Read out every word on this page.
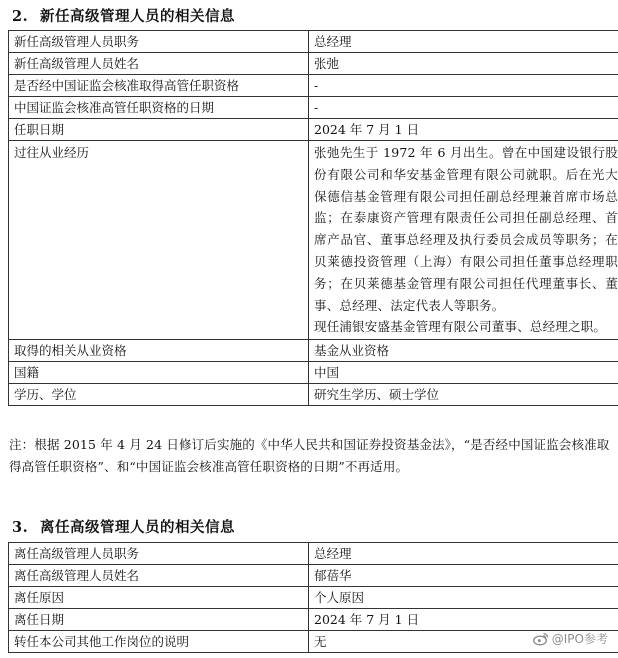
2. 新任高级管理人员的相关信息
新任高级管理人员职务	总经理
新任高级管理人员姓名	张弛
是否经中国证监会核准取得高管任职资格	-
中国证监会核准高管任职资格的日期	-
任职日期	2024 年 7 月 1 日
过往从业经历	张弛先生于 1972 年 6 月出生。曾在中国建设银行股份有限公司和华安基金管理有限公司就职。后在光大保德信基金管理有限公司担任副总经理兼首席市场总监；在泰康资产管理有限责任公司担任副总经理、首席产品官、董事总经理及执行委员会成员等职务；在贝莱德投资管理（上海）有限公司担任董事总经理职务；在贝莱德基金管理有限公司担任代理董事长、董事、总经理、法定代表人等职务。
现任浦银安盛基金管理有限公司董事、总经理之职。

取得的相关从业资格	基金从业资格
国籍	中国
学历、学位	研究生学历、硕士学位
注：根据 2015 年 4 月 24 日修订后实施的《中华人民共和国证券投资基金法》，“是否经中国证监会核准取得高管任职资格”、和“中国证监会核准高管任职资格的日期”不再适用。
3. 离任高级管理人员的相关信息
离任高级管理人员职务	总经理
离任高级管理人员姓名	郁蓓华
离任原因	个人原因
离任日期	2024 年 7 月 1 日
转任本公司其他工作岗位的说明	无	@IPO参考
